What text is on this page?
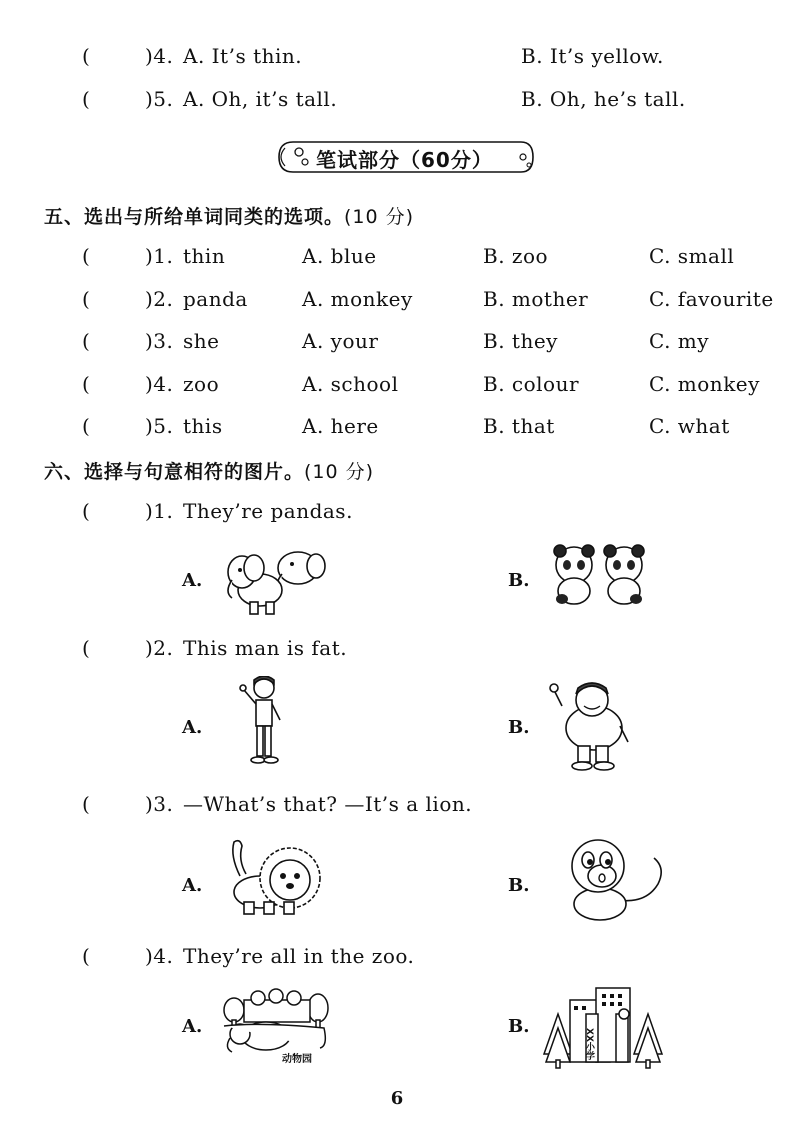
(	)4. A. It’s thin.	B. It’s yellow.
(	)5. A. Oh, it’s tall.	B. Oh, he’s tall.
笔试部分（60分）
五、选出与所给单词同类的选项。(10 分)
(	)1. thin	A. blue	B. zoo	C. small
(	)2. panda	A. monkey	B. mother	C. favourite
(	)3. she	A. your	B. they	C. my
(	)4. zoo	A. school	B. colour	C. monkey
(	)5. this	A. here	B. that	C. what
六、选择与句意相符的图片。(10 分)
(	)1. They’re pandas.
A.	B.
(	)2. This man is fat.
A.	B.
(	)3. —What’s that? —It’s a lion.
A.	B.
(	)4. They’re all in the zoo.
A.
动物园
B.
XX小学
6
